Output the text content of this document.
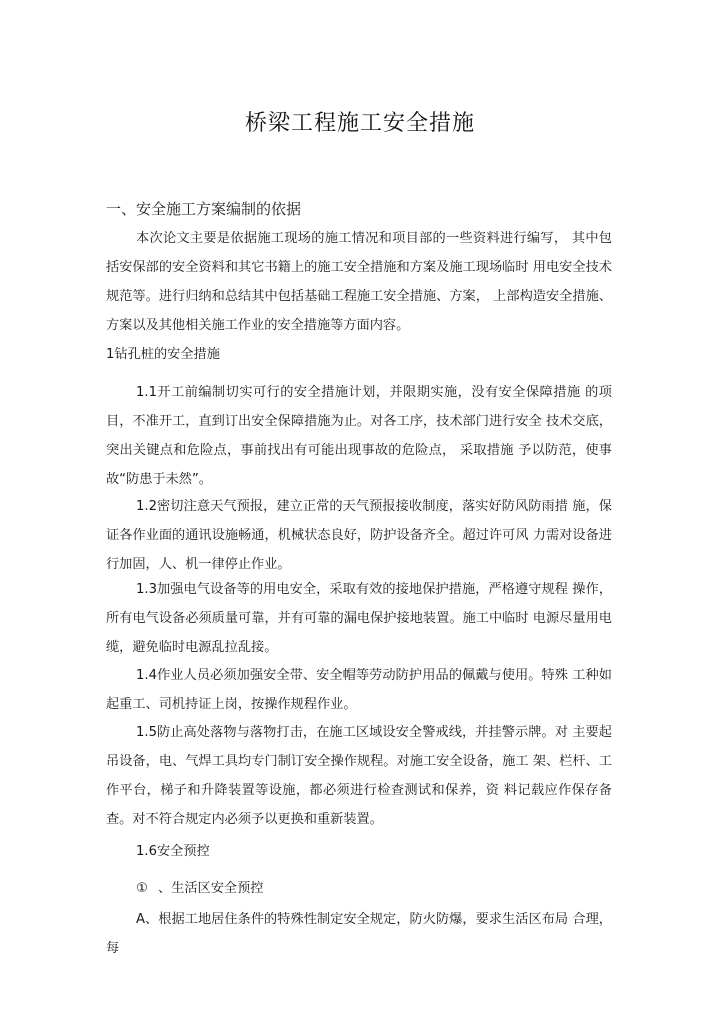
桥梁工程施工安全措施
一、安全施工方案编制的依据
本次论文主要是依据施工现场的施工情况和项目部的一些资料进行编写， 其中包括安保部的安全资料和其它书籍上的施工安全措施和方案及施工现场临时 用电安全技术规范等。进行归纳和总结其中包括基础工程施工安全措施、方案， 上部构造安全措施、方案以及其他相关施工作业的安全措施等方面内容。
1钻孔桩的安全措施
1.1开工前编制切实可行的安全措施计划，并限期实施，没有安全保障措施 的项目，不准开工，直到订出安全保障措施为止。对各工序，技术部门进行安全 技术交底，突出关键点和危险点，事前找出有可能出现事故的危险点， 采取措施 予以防范，使事故“防患于未然”。
1.2密切注意天气预报，建立正常的天气预报接收制度，落实好防风防雨措 施，保证各作业面的通讯设施畅通，机械状态良好，防护设备齐全。超过许可风 力需对设备进行加固，人、机一律停止作业。
1.3加强电气设备等的用电安全，采取有效的接地保护措施，严格遵守规程 操作，所有电气设备必须质量可靠，并有可靠的漏电保护接地装置。施工中临时 电源尽量用电缆，避免临时电源乱拉乱接。
1.4作业人员必须加强安全带、安全帽等劳动防护用品的佩戴与使用。特殊 工种如起重工、司机持证上岗，按操作规程作业。
1.5防止高处落物与落物打击，在施工区域设安全警戒线，并挂警示牌。对 主要起吊设备，电、气焊工具均专门制订安全操作规程。对施工安全设备，施工 架、栏杆、工作平台，梯子和升降装置等设施，都必须进行检查测试和保养，资 料记载应作保存备查。对不符合规定内必须予以更换和重新装置。
1.6安全预控
① 、生活区安全预控
A、根据工地居住条件的特殊性制定安全规定，防火防爆，要求生活区布局 合理，每
